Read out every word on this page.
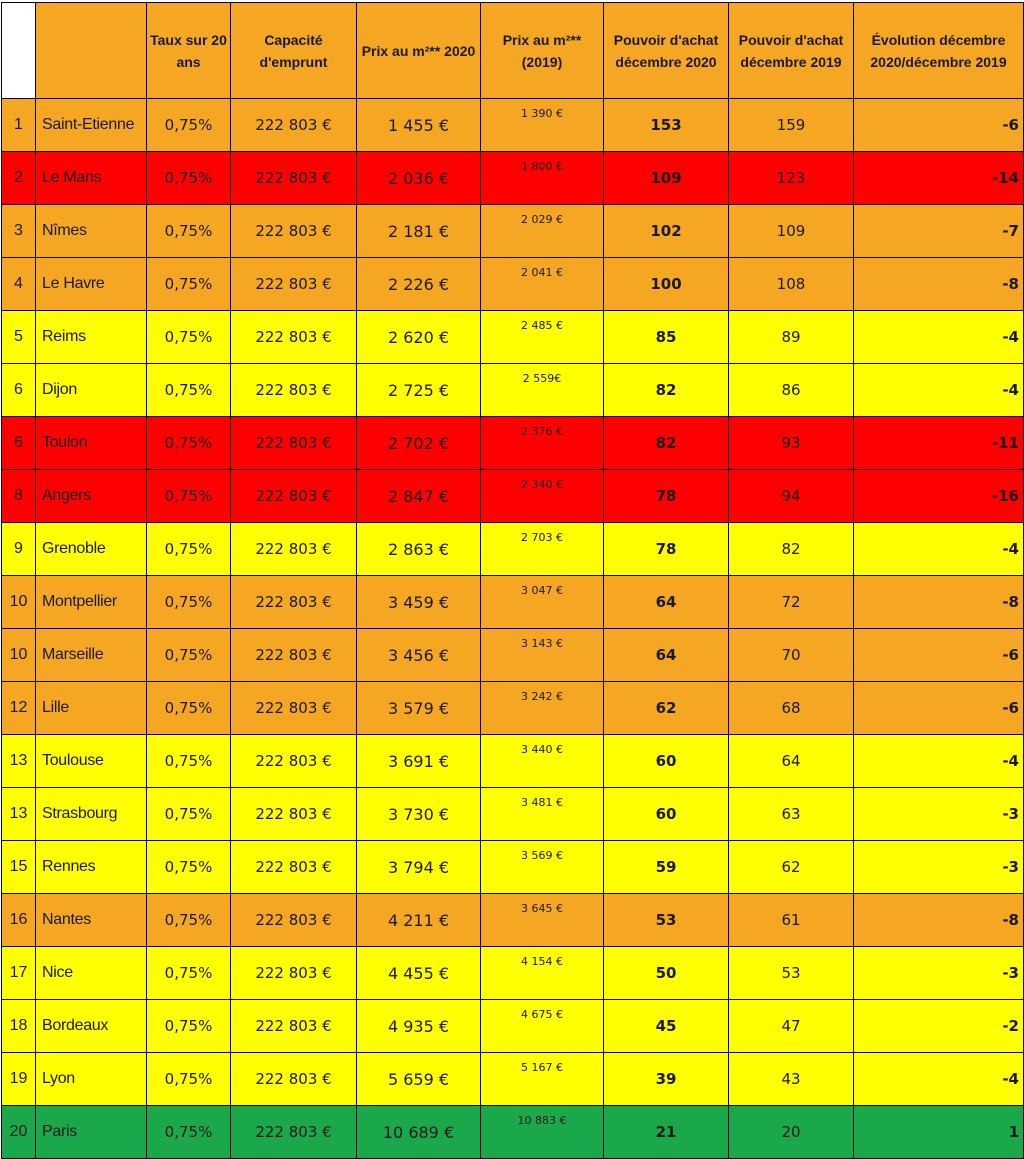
		Taux sur 20 ans	Capacité d'emprunt	Prix au m²** 2020	Prix au m²** (2019)	Pouvoir d'achat décembre 2020	Pouvoir d'achat décembre 2019	Évolution décembre 2020/décembre 2019
1	Saint-Etienne	0,75%	222 803 €	1 455 €	1 390 €	153	159	-6
2	Le Mans	0,75%	222 803 €	2 036 €	1 800 €	109	123	-14
3	Nîmes	0,75%	222 803 €	2 181 €	2 029 €	102	109	-7
4	Le Havre	0,75%	222 803 €	2 226 €	2 041 €	100	108	-8
5	Reims	0,75%	222 803 €	2 620 €	2 485 €	85	89	-4
6	Dijon	0,75%	222 803 €	2 725 €	2 559€	82	86	-4
6	Toulon	0,75%	222 803 €	2 702 €	2 376 €	82	93	-11
8	Angers	0,75%	222 803 €	2 847 €	2 340 €	78	94	-16
9	Grenoble	0,75%	222 803 €	2 863 €	2 703 €	78	82	-4
10	Montpellier	0,75%	222 803 €	3 459 €	3 047 €	64	72	-8
10	Marseille	0,75%	222 803 €	3 456 €	3 143 €	64	70	-6
12	Lille	0,75%	222 803 €	3 579 €	3 242 €	62	68	-6
13	Toulouse	0,75%	222 803 €	3 691 €	3 440 €	60	64	-4
13	Strasbourg	0,75%	222 803 €	3 730 €	3 481 €	60	63	-3
15	Rennes	0,75%	222 803 €	3 794 €	3 569 €	59	62	-3
16	Nantes	0,75%	222 803 €	4 211 €	3 645 €	53	61	-8
17	Nice	0,75%	222 803 €	4 455 €	4 154 €	50	53	-3
18	Bordeaux	0,75%	222 803 €	4 935 €	4 675 €	45	47	-2
19	Lyon	0,75%	222 803 €	5 659 €	5 167 €	39	43	-4
20	Paris	0,75%	222 803 €	10 689 €	10 883 €	21	20	1
